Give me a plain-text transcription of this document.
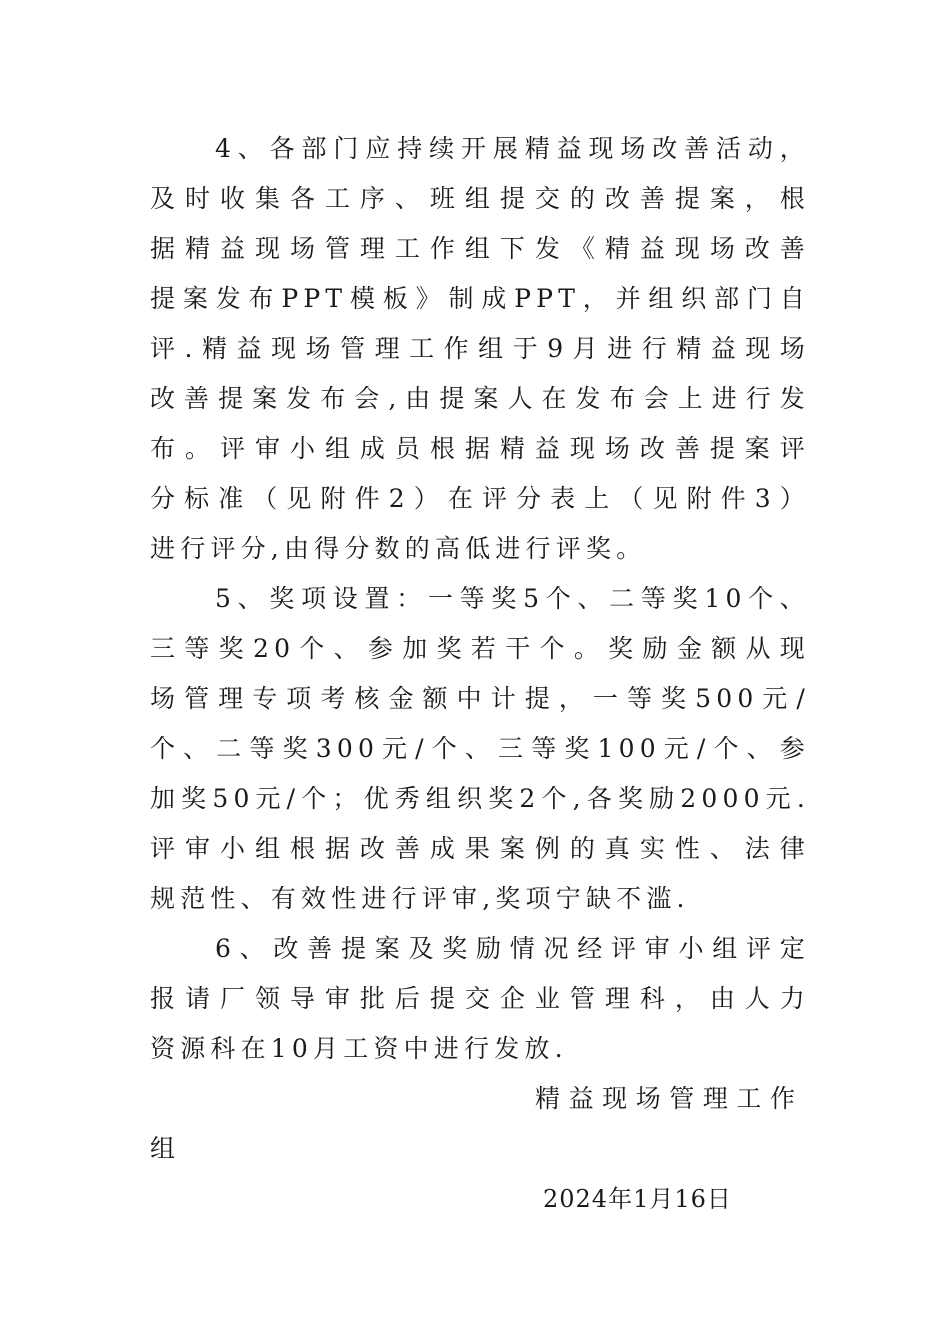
4、各部门应持续开展精益现场改善活动，
及时收集各工序、班组提交的改善提案，根
据精益现场管理工作组下发《精益现场改善
提案发布PPT模板》制成PPT，并组织部门自
评.精益现场管理工作组于9月进行精益现场
改善提案发布会,由提案人在发布会上进行发
布。评审小组成员根据精益现场改善提案评
分标准（见附件2）在评分表上（见附件3）
进行评分,由得分数的高低进行评奖。
5、奖项设置：一等奖5个、二等奖10个、
三等奖20个、参加奖若干个。奖励金额从现
场管理专项考核金额中计提，一等奖500元/
个、二等奖300元/个、三等奖100元/个、参
加奖50元/个；优秀组织奖2个,各奖励2000元.
评审小组根据改善成果案例的真实性、法律
规范性、有效性进行评审,奖项宁缺不滥.
6、改善提案及奖励情况经评审小组评定
报请厂领导审批后提交企业管理科，由人力
资源科在10月工资中进行发放.
精益现场管理工作
组
2024年1月16日
